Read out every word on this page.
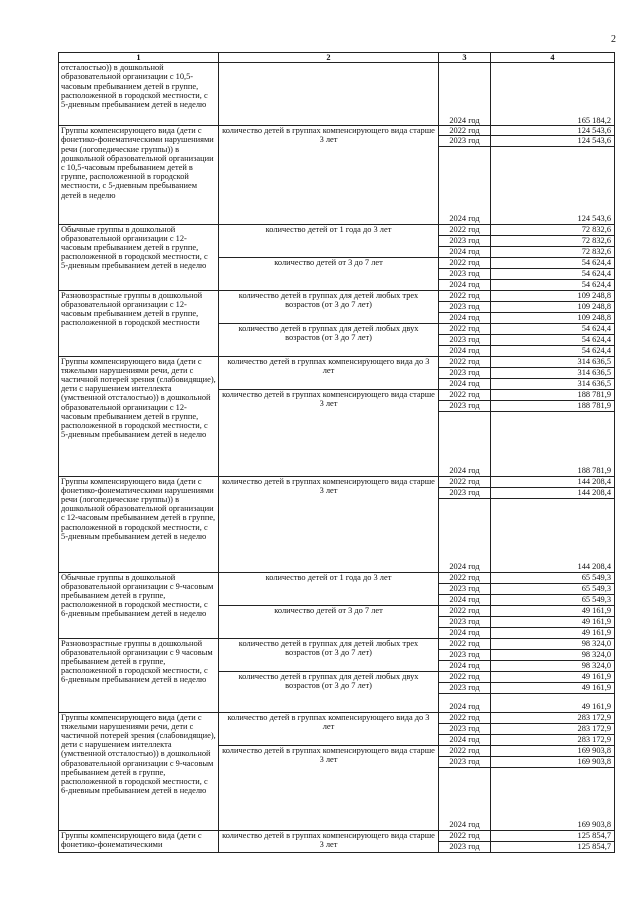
2
1	2	3	4
отсталостью)) в дошкольной образовательной организации с 10,5-часовым пребыванием детей в группе, расположенной в городской местности, с 5-дневным пребыванием детей в неделю		2024 год	165 184,2
Группы компенсирующего вида (дети с фонетико-фонематическими нарушениями речи (логопедические группы)) в дошкольной образовательной организации с 10,5-часовым пребыванием детей в группе, расположенной в городской местности, с 5-дневным пребыванием детей в неделю	количество детей в группах компенсирующего вида старше 3 лет	2022 год	124 543,6
		2023 год	124 543,6
		2024 год	124 543,6
Обычные группы в дошкольной образовательной организации с 12-часовым пребыванием детей в группе, расположенной в городской местности, с 5-дневным пребыванием детей в неделю	количество детей от 1 года до 3 лет	2022 год	72 832,6
		2023 год	72 832,6
		2024 год	72 832,6
	количество детей от 3 до 7 лет	2022 год	54 624,4
		2023 год	54 624,4
		2024 год	54 624,4
Разновозрастные группы в дошкольной образовательной организации с 12-часовым пребыванием детей в группе, расположенной в городской местности	количество детей в группах для детей любых трех возрастов (от 3 до 7 лет)	2022 год	109 248,8
		2023 год	109 248,8
		2024 год	109 248,8
	количество детей в группах для детей любых двух возрастов (от 3 до 7 лет)	2022 год	54 624,4
		2023 год	54 624,4
		2024 год	54 624,4
Группы компенсирующего вида (дети с тяжелыми нарушениями речи, дети с частичной потерей зрения (слабовидящие), дети с нарушением интеллекта (умственной отсталостью)) в дошкольной образовательной организации с 12-часовым пребыванием детей в группе, расположенной в городской местности, с 5-дневным пребыванием детей в неделю	количество детей в группах компенсирующего вида до 3 лет	2022 год	314 636,5
		2023 год	314 636,5
		2024 год	314 636,5
	количество детей в группах компенсирующего вида старше 3 лет	2022 год	188 781,9
		2023 год	188 781,9
		2024 год	188 781,9
Группы компенсирующего вида (дети с фонетико-фонематическими нарушениями речи (логопедические группы)) в дошкольной образовательной организации с 12-часовым пребыванием детей в группе, расположенной в городской местности, с 5-дневным пребыванием детей в неделю	количество детей в группах компенсирующего вида старше 3 лет	2022 год	144 208,4
		2023 год	144 208,4
		2024 год	144 208,4
Обычные группы в дошкольной образовательной организации с 9-часовым пребыванием детей в группе, расположенной в городской местности, с 6-дневным пребыванием детей в неделю	количество детей от 1 года до 3 лет	2022 год	65 549,3
		2023 год	65 549,3
		2024 год	65 549,3
	количество детей от 3 до 7 лет	2022 год	49 161,9
		2023 год	49 161,9
		2024 год	49 161,9
Разновозрастные группы в дошкольной образовательной организации с 9 часовым пребыванием детей в группе, расположенной в городской местности, с 6-дневным пребыванием детей в неделю	количество детей в группах для детей любых трех возрастов (от 3 до 7 лет)	2022 год	98 324,0
		2023 год	98 324,0
		2024 год	98 324,0
	количество детей в группах для детей любых двух возрастов (от 3 до 7 лет)	2022 год	49 161,9
		2023 год	49 161,9
		2024 год	49 161,9
Группы компенсирующего вида (дети с тяжелыми нарушениями речи, дети с частичной потерей зрения (слабовидящие), дети с нарушением интеллекта (умственной отсталостью)) в дошкольной образовательной организации с 9-часовым пребыванием детей в группе, расположенной в городской местности, с 6-дневным пребыванием детей в неделю	количество детей в группах компенсирующего вида до 3 лет	2022 год	283 172,9
		2023 год	283 172,9
		2024 год	283 172,9
	количество детей в группах компенсирующего вида старше 3 лет	2022 год	169 903,8
		2023 год	169 903,8
		2024 год	169 903,8
Группы компенсирующего вида (дети с фонетико-фонематическими	количество детей в группах компенсирующего вида старше 3 лет	2022 год	125 854,7
		2023 год	125 854,7
